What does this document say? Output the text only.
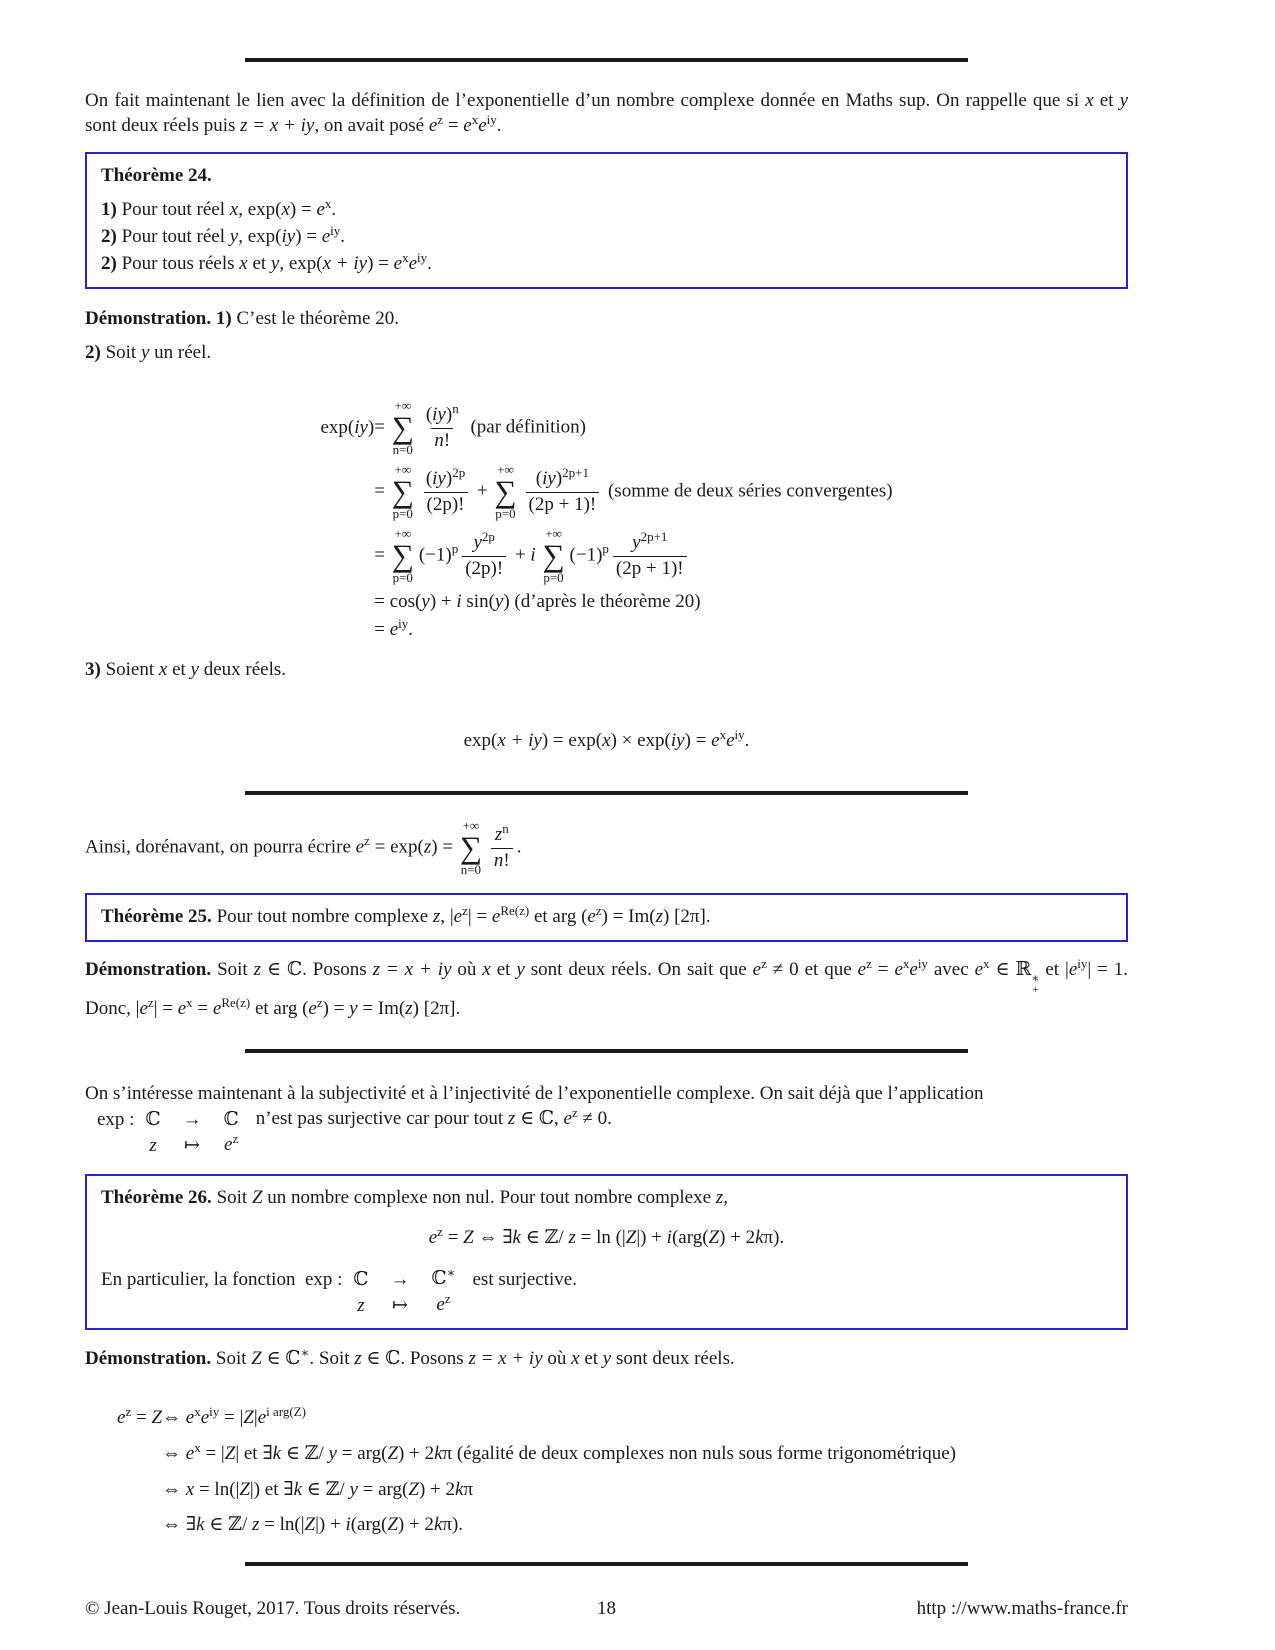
On fait maintenant le lien avec la définition de l’exponentielle d’un nombre complexe donnée en Maths sup. On rappelle que si x et y sont deux réels puis z = x + iy, on avait posé $e^z = e^xe^{iy}$.

Théorème 24.

1) Pour tout réel x, $\exp(x) = e^x$.

2) Pour tout réel y, $\exp(iy) = e^{iy}$.

2) Pour tous réels x et y, $\exp(x + iy) = e^xe^{iy}$.

Démonstration. 1) C’est le théorème 20.

2) Soit y un réel.

exp(iy) =
+∞
∑
$n=0 \frac{(iy)^n}{n!} (par$ définition)
=
+∞
∑
$p=0 \frac{(iy)^{2p}}{(2p)!}$ +
+∞
∑
$p=0 \frac{(iy)^{2p+1}}{(2p + 1)!}$ (somme de deux séries convergentes)
=
+∞
∑
p=0
$(-1)^p \frac{y^{2p}}{(2p)!} + i$
+∞
∑
p=0
$(-1)^p \frac{y^{2p+1}}{(2p + 1)!}$
= cos(y) + i sin(y) (d’après le théorème 20)
= $e^{iy}$.

3) Soient x et y deux réels.

$\exp(x + iy) = \exp(x) \times \exp(iy) = e^xe^{iy}$.

Ainsi, dorénavant, on pourra écrire $e^z = \exp(z)$ =
+∞
∑
$n=0 \frac{z^n}{n!}$ .

Théorème 25. Pour tout nombre complexe z, $|e^z| = e^{Re(z)}$ et arg $(e^z) = Im(z)$ [2π].

Démonstration. Soit z ∈ ℂ. Posons z = x + iy où x et y sont deux réels. On sait que $e^z \ne 0$ et que $e^z = e^xe^{iy}$ avec $e^x$ ∈ ℝ ∗
+
et $|e^{iy}| = 1$. Donc, $|e^z| = e^x = e^{Re(z)}$ et arg $(e^z) = y = Im(z)$ [2π].

On s’intéresse maintenant à la subjectivité et à l’injectivité de l’exponentielle complexe. On sait déjà que l’application

exp : ℂ	→	ℂ n’est pas surjective car pour tout z ∈ ℂ, $e^z \ne 0$.
z	↦	$e^z$

Théorème 26. Soit Z un nombre complexe non nul. Pour tout nombre complexe z,

$e^z = Z$ ⇔ ∃k ∈ ℤ/ z = ln (|Z|) + i(arg(Z) + 2kπ).
En particulier, la fonction  exp : ℂ	→	ℂ∗ est surjective.
z	↦	$e^z$

Démonstration. Soit Z ∈ ℂ∗. Soit z ∈ ℂ. Posons z = x + iy où x et y sont deux réels.

$e^z = Z$ ⇔ $e^xe^{iy} = |Z|e^{i arg(Z)}$
⇔ $e^x = |Z|$ et ∃k ∈ ℤ/ y = arg(Z) + 2kπ (égalité de deux complexes non nuls sous forme trigonométrique)
⇔ x = ln(|Z|) et ∃k ∈ ℤ/ y = arg(Z) + 2kπ
⇔ ∃k ∈ ℤ/ z = ln(|Z|) + i(arg(Z) + 2kπ).
© Jean-Louis Rouget, 2017. Tous droits réservés.	18	http ://www.maths-france.fr
